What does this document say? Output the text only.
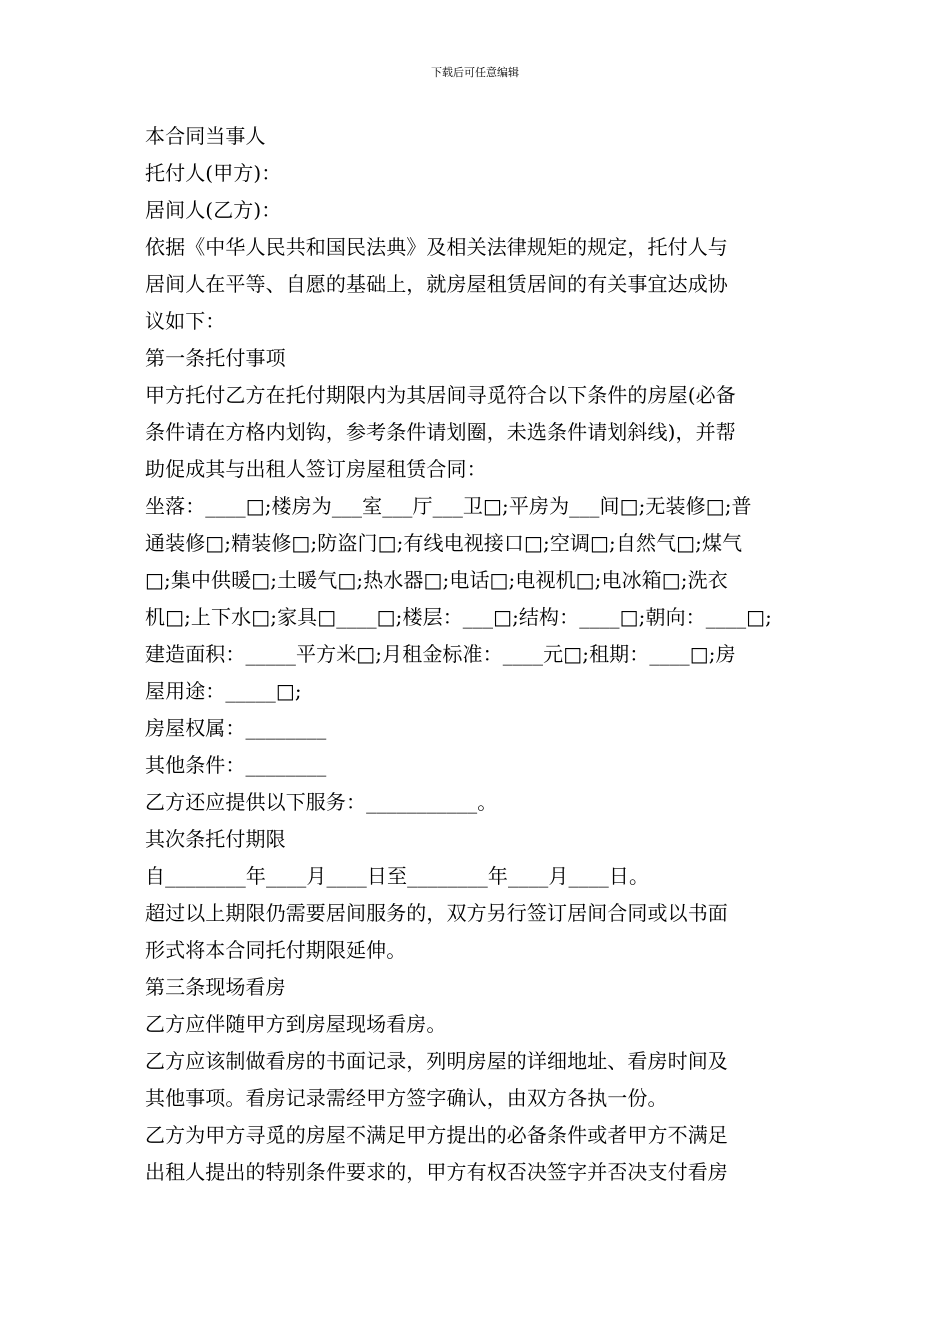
下载后可任意编辑
本合同当事人
托付人(甲方)：
居间人(乙方)：
依据《中华人民共和国民法典》及相关法律规矩的规定，托付人与
居间人在平等、自愿的基础上，就房屋租赁居间的有关事宜达成协
议如下：
第一条托付事项
甲方托付乙方在托付期限内为其居间寻觅符合以下条件的房屋(必备
条件请在方格内划钩，参考条件请划圈，未选条件请划斜线)，并帮
助促成其与出租人签订房屋租赁合同：
坐落：____□;楼房为___室___厅___卫□;平房为___间□;无装修□;普
通装修□;精装修□;防盗门□;有线电视接口□;空调□;自然气□;煤气
□;集中供暖□;土暖气□;热水器□;电话□;电视机□;电冰箱□;洗衣
机□;上下水□;家具□____□;楼层：___□;结构：____□;朝向：____□;
建造面积：_____平方米□;月租金标准：____元□;租期：____□;房
屋用途：_____□;
房屋权属：________
其他条件：________
乙方还应提供以下服务：___________。
其次条托付期限
自________年____月____日至________年____月____日。
超过以上期限仍需要居间服务的，双方另行签订居间合同或以书面
形式将本合同托付期限延伸。
第三条现场看房
乙方应伴随甲方到房屋现场看房。
乙方应该制做看房的书面记录，列明房屋的详细地址、看房时间及
其他事项。看房记录需经甲方签字确认，由双方各执一份。
乙方为甲方寻觅的房屋不满足甲方提出的必备条件或者甲方不满足
出租人提出的特别条件要求的，甲方有权否决签字并否决支付看房
